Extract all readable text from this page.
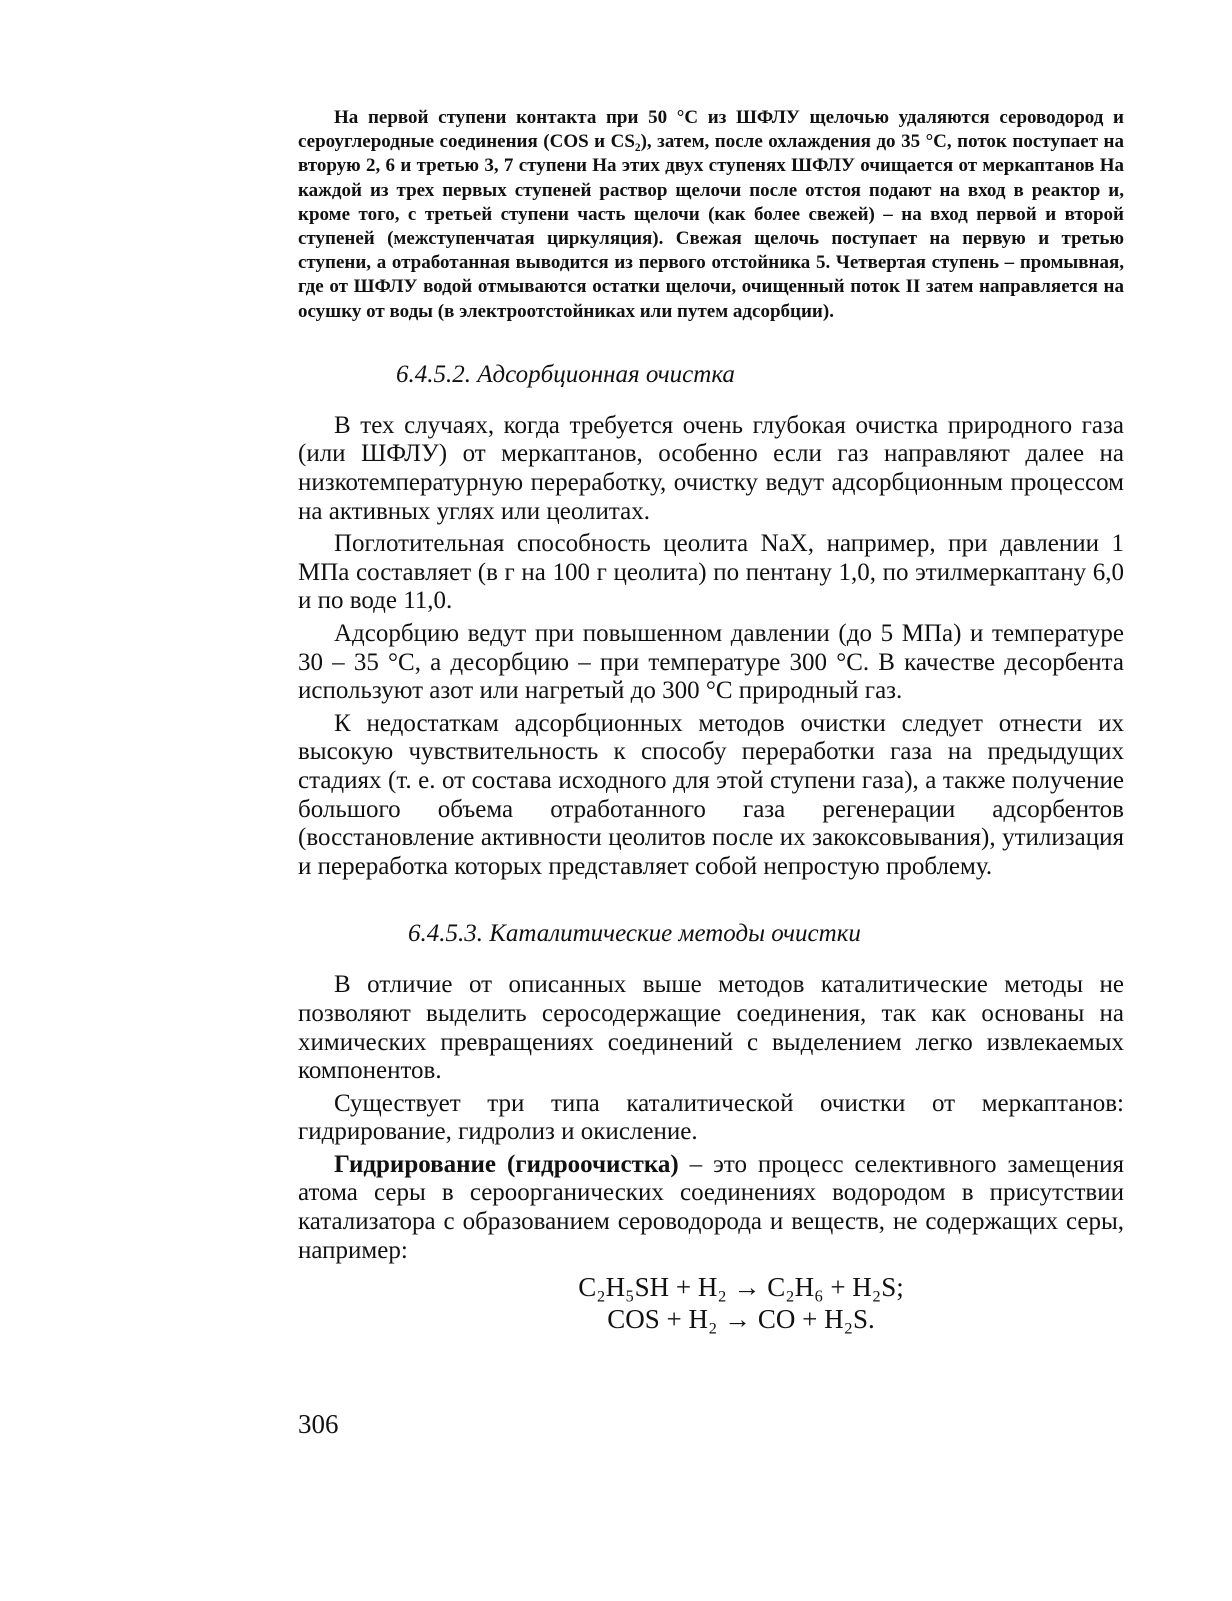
На первой ступени контакта при 50 °С из ШФЛУ щелочью удаляются сероводород и сероуглеродные соединения (COS и CS₂), затем, после охлаждения до 35 °С, поток поступает на вторую 2, 6 и третью 3, 7 ступени На этих двух ступенях ШФЛУ очищается от меркаптанов На каждой из трех первых ступеней раствор щелочи после отстоя подают на вход в реактор и, кроме того, с третьей ступени часть щелочи (как более свежей) – на вход первой и второй ступеней (межступенчатая циркуляция). Свежая щелочь поступает на первую и третью ступени, а отработанная выводится из первого отстойника 5. Четвертая ступень – промывная, где от ШФЛУ водой отмываются остатки щелочи, очищенный поток II затем направляется на осушку от воды (в электроотстойниках или путем адсорбции).

6.4.5.2. Адсорбционная очистка

В тех случаях, когда требуется очень глубокая очистка природного газа (или ШФЛУ) от меркаптанов, особенно если газ направляют далее на низкотемпературную переработку, очистку ведут адсорбционным процессом на активных углях или цеолитах.

Поглотительная способность цеолита NaX, например, при давлении 1 МПа составляет (в г на 100 г цеолита) по пентану 1,0, по этилмеркаптану 6,0 и по воде 11,0.

Адсорбцию ведут при повышенном давлении (до 5 МПа) и температуре 30 – 35 °С, а десорбцию – при температуре 300 °С. В качестве десорбента используют азот или нагретый до 300 °С природный газ.

К недостаткам адсорбционных методов очистки следует отнести их высокую чувствительность к способу переработки газа на предыдущих стадиях (т. е. от состава исходного для этой ступени газа), а также получение большого объема отработанного газа регенерации адсорбентов (восстановление активности цеолитов после их закоксовывания), утилизация и переработка которых представляет собой непростую проблему.

6.4.5.3. Каталитические методы очистки

В отличие от описанных выше методов каталитические методы не позволяют выделить серосодержащие соединения, так как основаны на химических превращениях соединений с выделением легко извлекаемых компонентов.

Существует три типа каталитической очистки от меркаптанов: гидрирование, гидролиз и окисление.

Гидрирование (гидроочистка) – это процесс селективного замещения атома серы в сероорганических соединениях водородом в присутствии катализатора с образованием сероводорода и веществ, не содержащих серы, например:

C₂H₅SH + H₂ → C₂H₆ + H₂S;

COS + H₂ → CO + H₂S.

306
